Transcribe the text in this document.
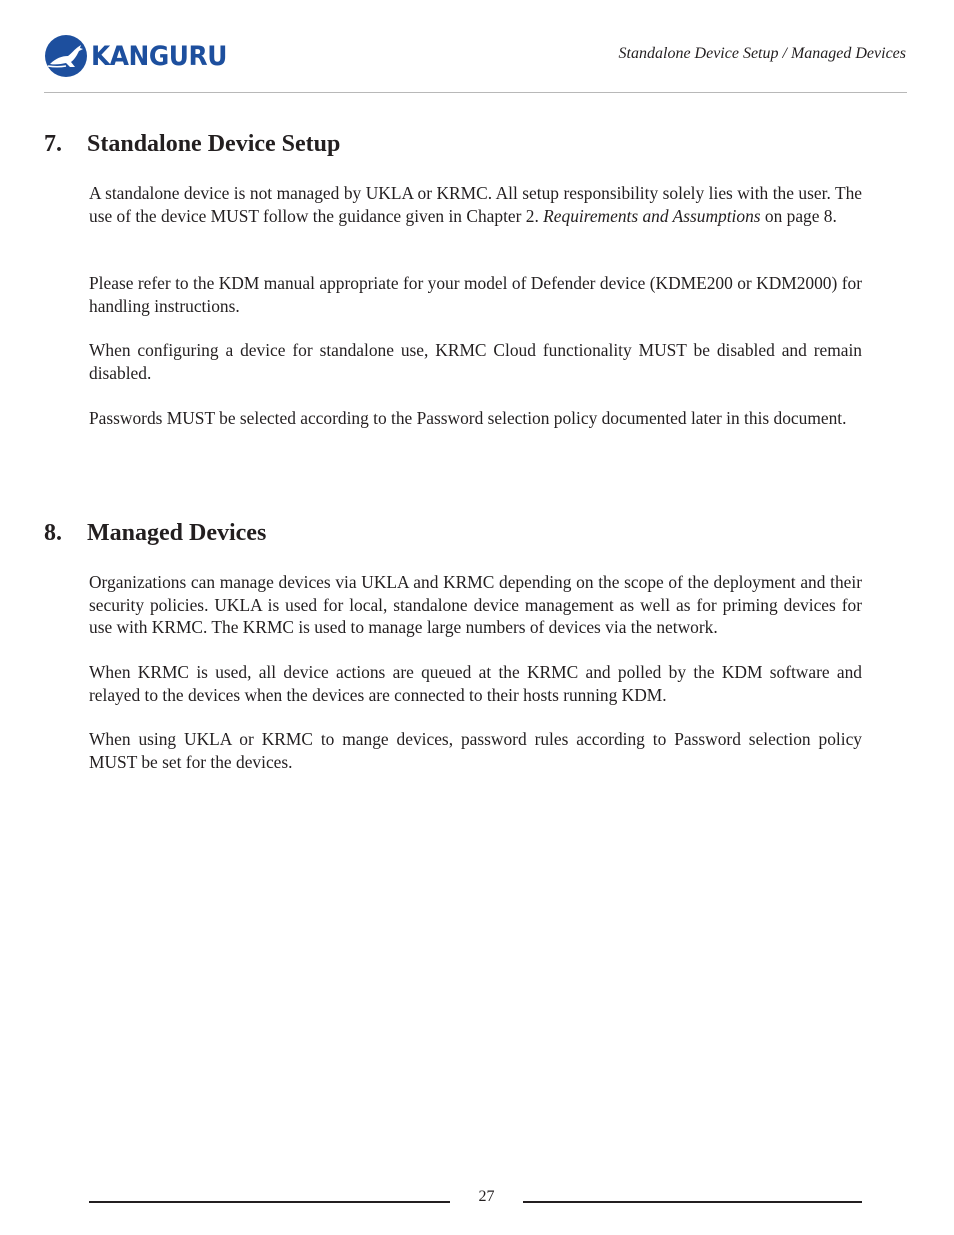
KANGURU	Standalone Device Setup / Managed Devices
7. Standalone Device Setup

A standalone device is not managed by UKLA or KRMC. All setup responsibility solely lies with the user. The use of the device MUST follow the guidance given in Chapter 2. Requirements and Assumptions on page 8.

Please refer to the KDM manual appropriate for your model of Defender device (KDME200 or KDM2000) for handling instructions.

When configuring a device for standalone use, KRMC Cloud functionality MUST be disabled and remain disabled.

Passwords MUST be selected according to the Password selection policy documented later in this document.

8. Managed Devices

Organizations can manage devices via UKLA and KRMC depending on the scope of the deployment and their security policies. UKLA is used for local, standalone device management as well as for priming devices for use with KRMC. The KRMC is used to manage large numbers of devices via the network.

When KRMC is used, all device actions are queued at the KRMC and polled by the KDM software and relayed to the devices when the devices are connected to their hosts running KDM.

When using UKLA or KRMC to mange devices, password rules according to Password selection policy MUST be set for the devices.

27
